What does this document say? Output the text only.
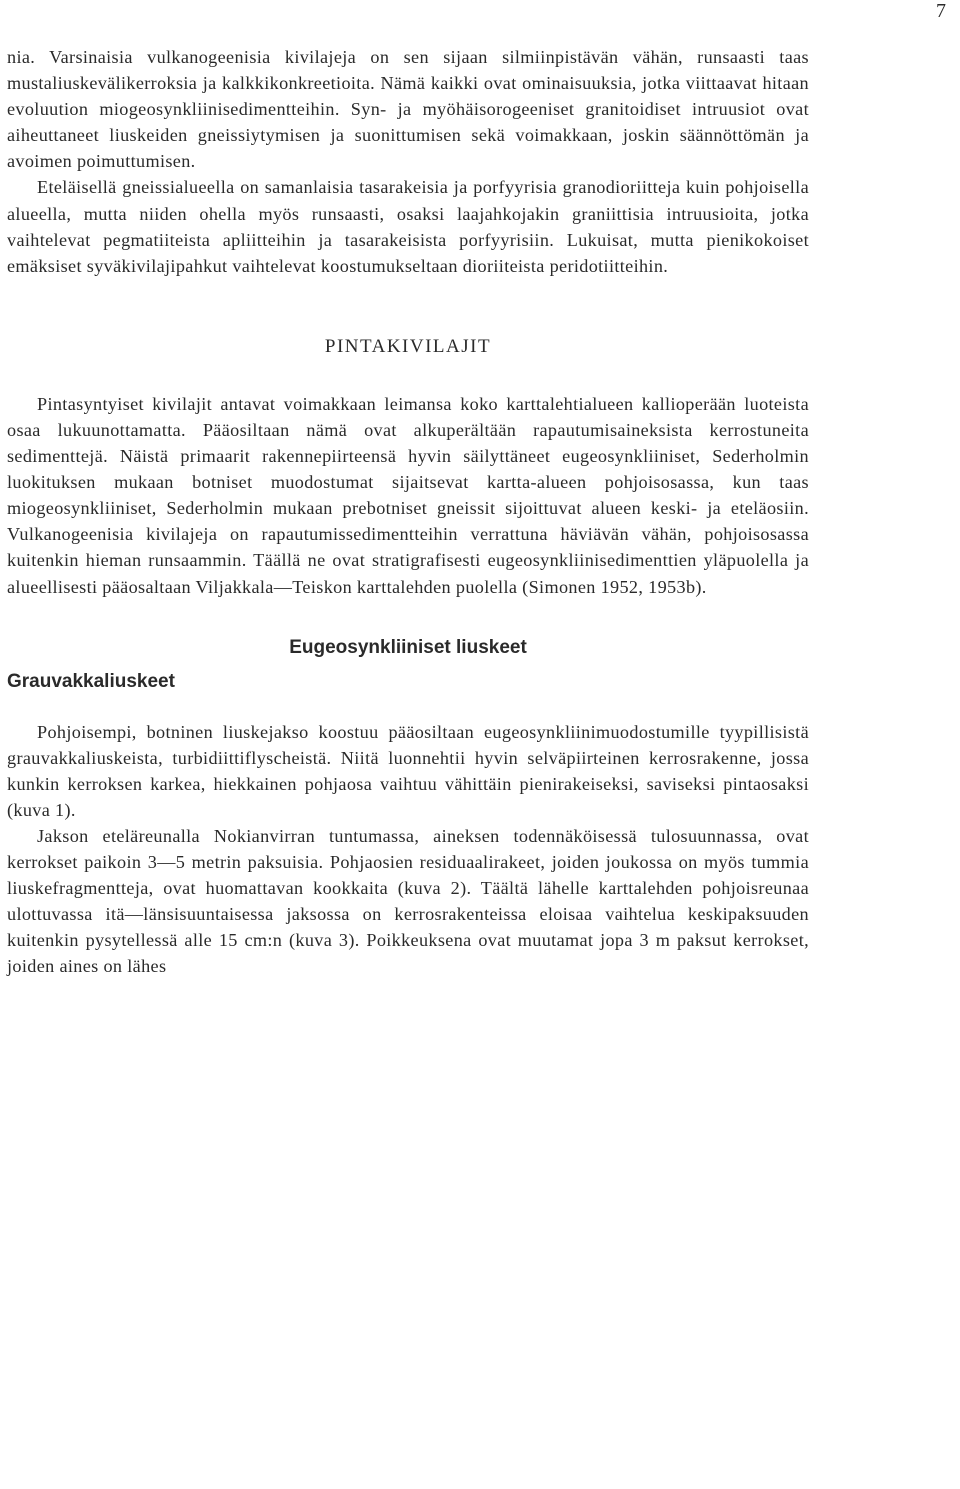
7

nia. Varsinaisia vulkanogeenisia kivilajeja on sen sijaan silmiinpistävän vähän, runsaasti taas mustaliuskevälikerroksia ja kalkkikonkreetioita. Nämä kaikki ovat ominaisuuksia, jotka viittaavat hitaan evoluution miogeosynkliinisedimentteihin. Syn- ja myöhäisorogeeniset granitoidiset intruusiot ovat aiheuttaneet liuskeiden gneissiytymisen ja suonittumisen sekä voimakkaan, joskin säännöttömän ja avoimen poimuttumisen.

Eteläisellä gneissialueella on samanlaisia tasarakeisia ja porfyyrisia granodioriitteja kuin pohjoisella alueella, mutta niiden ohella myös runsaasti, osaksi laajahkojakin graniittisia intruusioita, jotka vaihtelevat pegmatiiteista apliitteihin ja tasarakeisista porfyyrisiin. Lukuisat, mutta pienikokoiset emäksiset syväkivilajipahkut vaihtelevat koostumukseltaan dioriiteista peridotiitteihin.

PINTAKIVILAJIT

Pintasyntyiset kivilajit antavat voimakkaan leimansa koko karttalehtialueen kallioperään luoteista osaa lukuunottamatta. Pääosiltaan nämä ovat alkuperältään rapautumisaineksista kerrostuneita sedimenttejä. Näistä primaarit rakennepiirteensä hyvin säilyttäneet eugeosynkliiniset, Sederholmin luokituksen mukaan botniset muodostumat sijaitsevat kartta-alueen pohjoisosassa, kun taas miogeosynkliiniset, Sederholmin mukaan prebotniset gneissit sijoittuvat alueen keski- ja eteläosiin. Vulkanogeenisia kivilajeja on rapautumissedimentteihin verrattuna häviävän vähän, pohjoisosassa kuitenkin hieman runsaammin. Täällä ne ovat stratigrafisesti eugeosynkliinisedimenttien yläpuolella ja alueellisesti pääosaltaan Viljakkala—Teiskon karttalehden puolella (Simonen 1952, 1953b).

Eugeosynkliiniset liuskeet
Grauvakkaliuskeet

Pohjoisempi, botninen liuskejakso koostuu pääosiltaan eugeosynkliinimuodostumille tyypillisistä grauvakkaliuskeista, turbidiittiflyscheistä. Niitä luonnehtii hyvin selväpiirteinen kerrosrakenne, jossa kunkin kerroksen karkea, hiekkainen pohjaosa vaihtuu vähittäin pienirakeiseksi, saviseksi pintaosaksi (kuva 1).

Jakson eteläreunalla Nokianvirran tuntumassa, aineksen todennäköisessä tulosuunnassa, ovat kerrokset paikoin 3—5 metrin paksuisia. Pohjaosien residuaalirakeet, joiden joukossa on myös tummia liuskefragmentteja, ovat huomattavan kookkaita (kuva 2). Täältä lähelle karttalehden pohjoisreunaa ulottuvassa itä—länsisuuntaisessa jaksossa on kerrosrakenteissa eloisaa vaihtelua keskipaksuuden kuitenkin pysytellessä alle 15 cm:n (kuva 3). Poikkeuksena ovat muutamat jopa 3 m paksut kerrokset, joiden aines on lähes
